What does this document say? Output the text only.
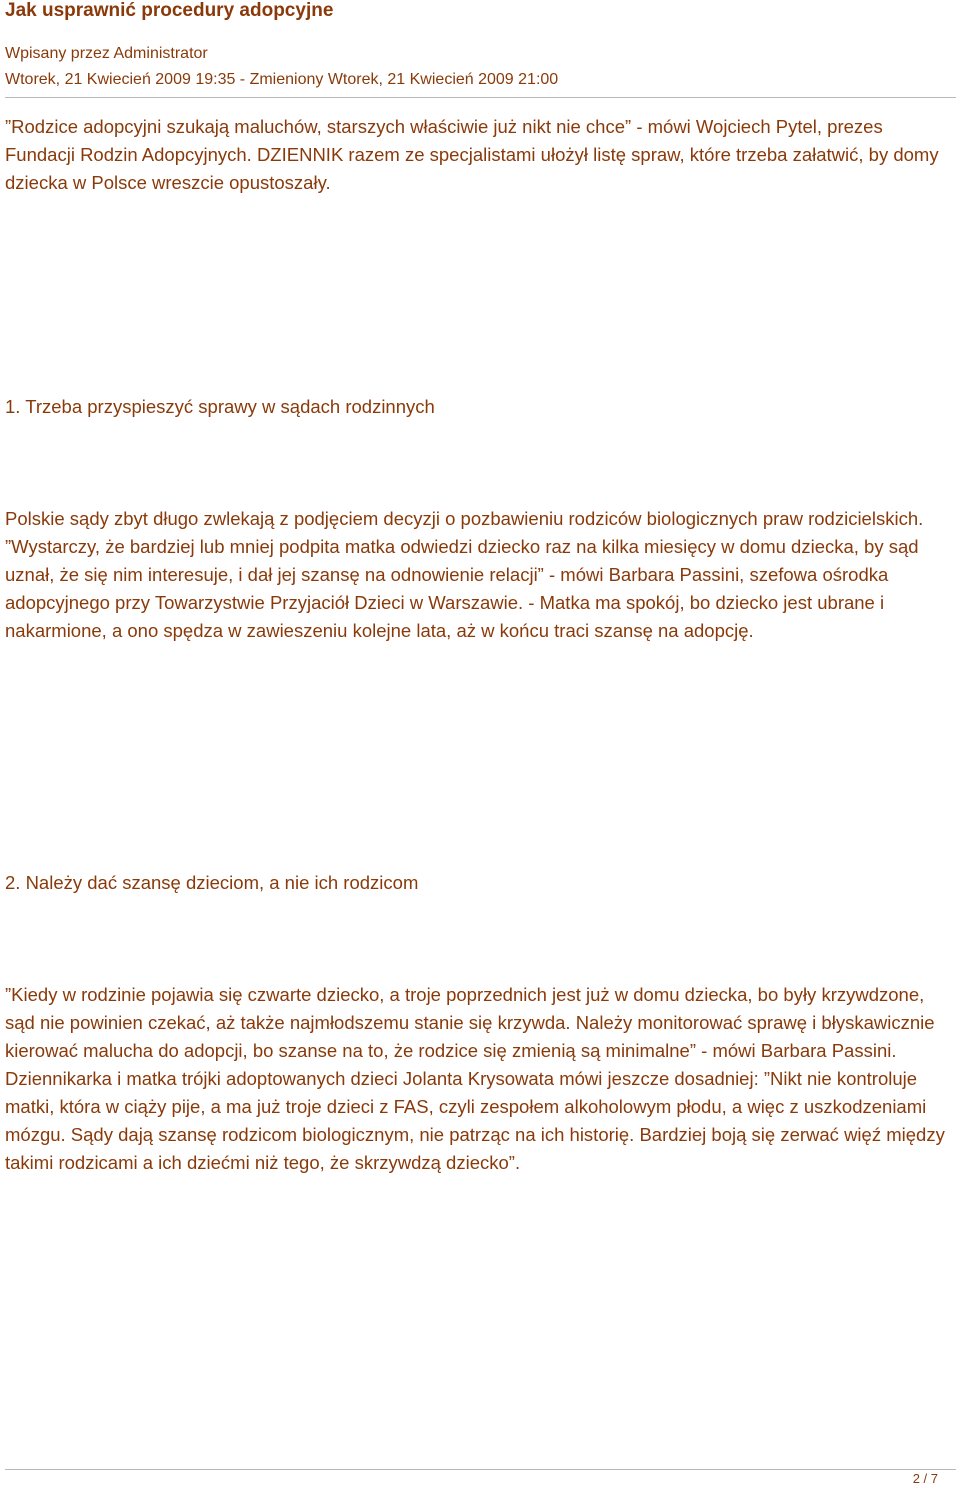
Jak usprawnić procedury adopcyjne
Wpisany przez Administrator
Wtorek, 21 Kwiecień 2009 19:35 - Zmieniony Wtorek, 21 Kwiecień 2009 21:00

”Rodzice adopcyjni szukają maluchów, starszych właściwie już nikt nie chce” - mówi Wojciech Pytel, prezes Fundacji Rodzin Adopcyjnych. DZIENNIK razem ze specjalistami ułożył listę spraw, które trzeba załatwić, by domy dziecka w Polsce wreszcie opustoszały.

1. Trzeba przyspieszyć sprawy w sądach rodzinnych

Polskie sądy zbyt długo zwlekają z podjęciem decyzji o pozbawieniu rodziców biologicznych praw rodzicielskich. ”Wystarczy, że bardziej lub mniej podpita matka odwiedzi dziecko raz na kilka miesięcy w domu dziecka, by sąd uznał, że się nim interesuje, i dał jej szansę na odnowienie relacji” - mówi Barbara Passini, szefowa ośrodka adopcyjnego przy Towarzystwie Przyjaciół Dzieci w Warszawie. - Matka ma spokój, bo dziecko jest ubrane i nakarmione, a ono spędza w zawieszeniu kolejne lata, aż w końcu traci szansę na adopcję.

2. Należy dać szansę dzieciom, a nie ich rodzicom

”Kiedy w rodzinie pojawia się czwarte dziecko, a troje poprzednich jest już w domu dziecka, bo były krzywdzone, sąd nie powinien czekać, aż także najmłodszemu stanie się krzywda. Należy monitorować sprawę i błyskawicznie kierować malucha do adopcji, bo szanse na to, że rodzice się zmienią są minimalne” - mówi Barbara Passini. Dziennikarka i matka trójki adoptowanych dzieci Jolanta Krysowata mówi jeszcze dosadniej: ”Nikt nie kontroluje matki, która w ciąży pije, a ma już troje dzieci z FAS, czyli zespołem alkoholowym płodu, a więc z uszkodzeniami mózgu. Sądy dają szansę rodzicom biologicznym, nie patrząc na ich historię. Bardziej boją się zerwać więź między takimi rodzicami a ich dziećmi niż tego, że skrzywdzą dziecko”.

2 / 7
